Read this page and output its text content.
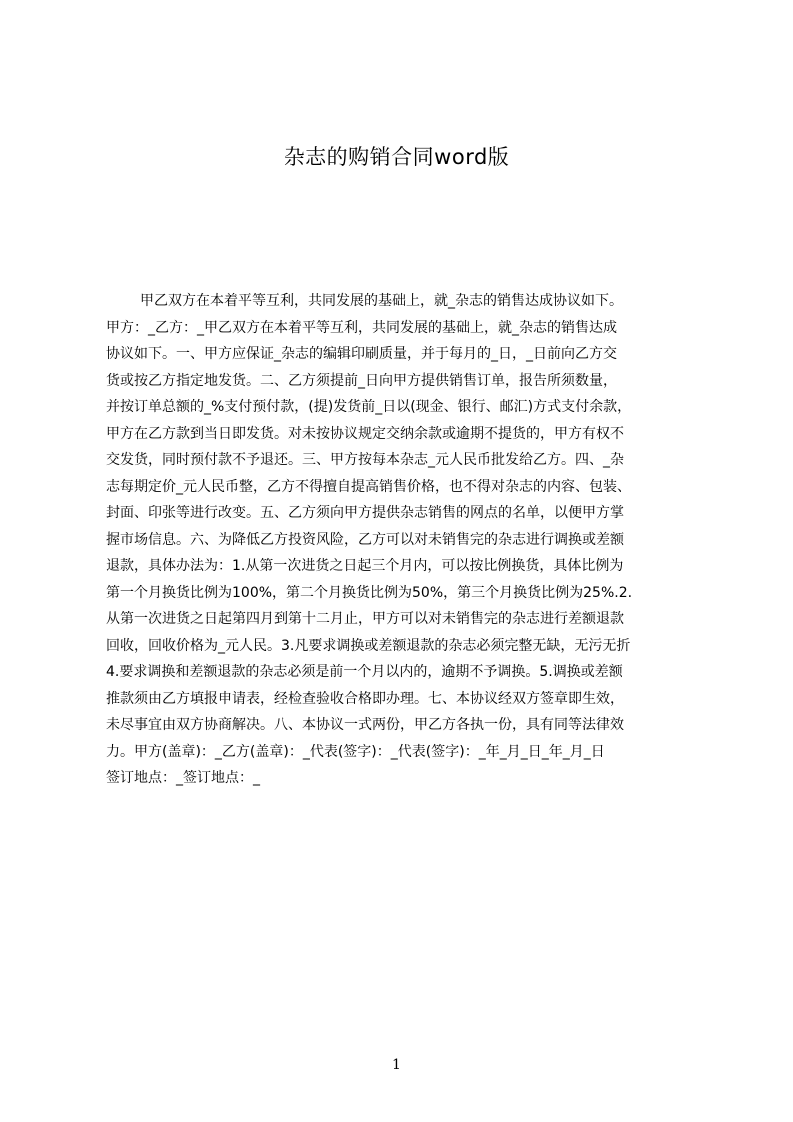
杂志的购销合同word版
甲乙双方在本着平等互利，共同发展的基础上，就_杂志的销售达成协议如下。
甲方：_乙方：_甲乙双方在本着平等互利，共同发展的基础上，就_杂志的销售达成
协议如下。一、甲方应保证_杂志的编辑印刷质量，并于每月的_日，_日前向乙方交
货或按乙方指定地发货。二、乙方须提前_日向甲方提供销售订单，报告所须数量，
并按订单总额的_%支付预付款，(提)发货前_日以(现金、银行、邮汇)方式支付余款，
甲方在乙方款到当日即发货。对未按协议规定交纳余款或逾期不提货的，甲方有权不
交发货，同时预付款不予退还。三、甲方按每本杂志_元人民币批发给乙方。四、_杂
志每期定价_元人民币整，乙方不得擅自提高销售价格，也不得对杂志的内容、包装、
封面、印张等进行改变。五、乙方须向甲方提供杂志销售的网点的名单，以便甲方掌
握市场信息。六、为降低乙方投资风险，乙方可以对未销售完的杂志进行调换或差额
退款，具体办法为：1.从第一次进货之日起三个月内，可以按比例换货，具体比例为
第一个月换货比例为100%，第二个月换货比例为50%，第三个月换货比例为25%.2.
从第一次进货之日起第四月到第十二月止，甲方可以对未销售完的杂志进行差额退款
回收，回收价格为_元人民。3.凡要求调换或差额退款的杂志必须完整无缺，无污无折
4.要求调换和差额退款的杂志必须是前一个月以内的，逾期不予调换。5.调换或差额
推款须由乙方填报申请表，经检查验收合格即办理。七、本协议经双方签章即生效，
未尽事宜由双方协商解决。八、本协议一式两份，甲乙方各执一份，具有同等法律效
力。甲方(盖章)：_乙方(盖章)：_代表(签字)：_代表(签字)：_年_月_日_年_月_日
签订地点：_签订地点：_
1
